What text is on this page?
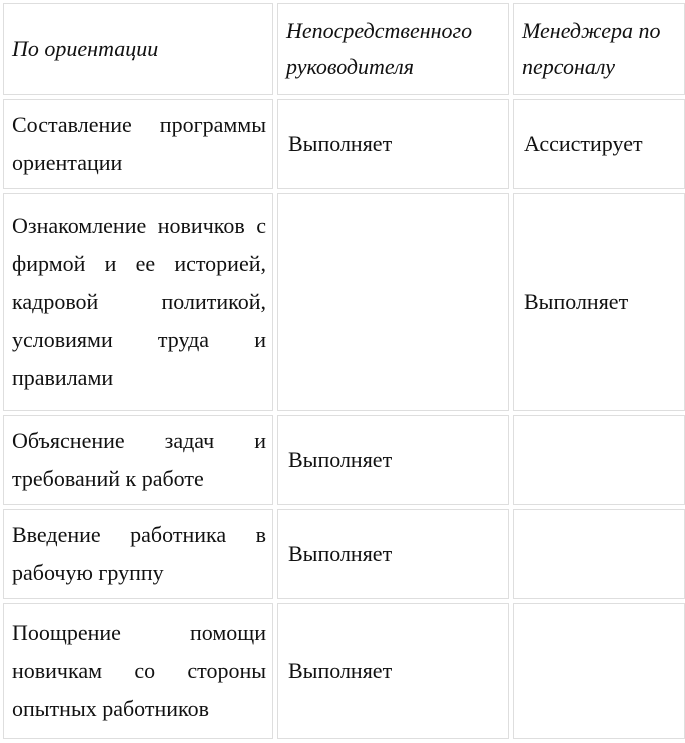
По ориентации	Непосредственного руководителя	Менеджера по персоналу
Составление программы ориентации	Выполняет	Ассистирует
Ознакомление новичков с фирмой и ее историей, кадровой политикой, условиями труда и правилами		Выполняет
Объяснение задач и требований к работе	Выполняет	
Введение работника в рабочую группу	Выполняет	
Поощрение помощи новичкам со стороны опытных работников	Выполняет	
